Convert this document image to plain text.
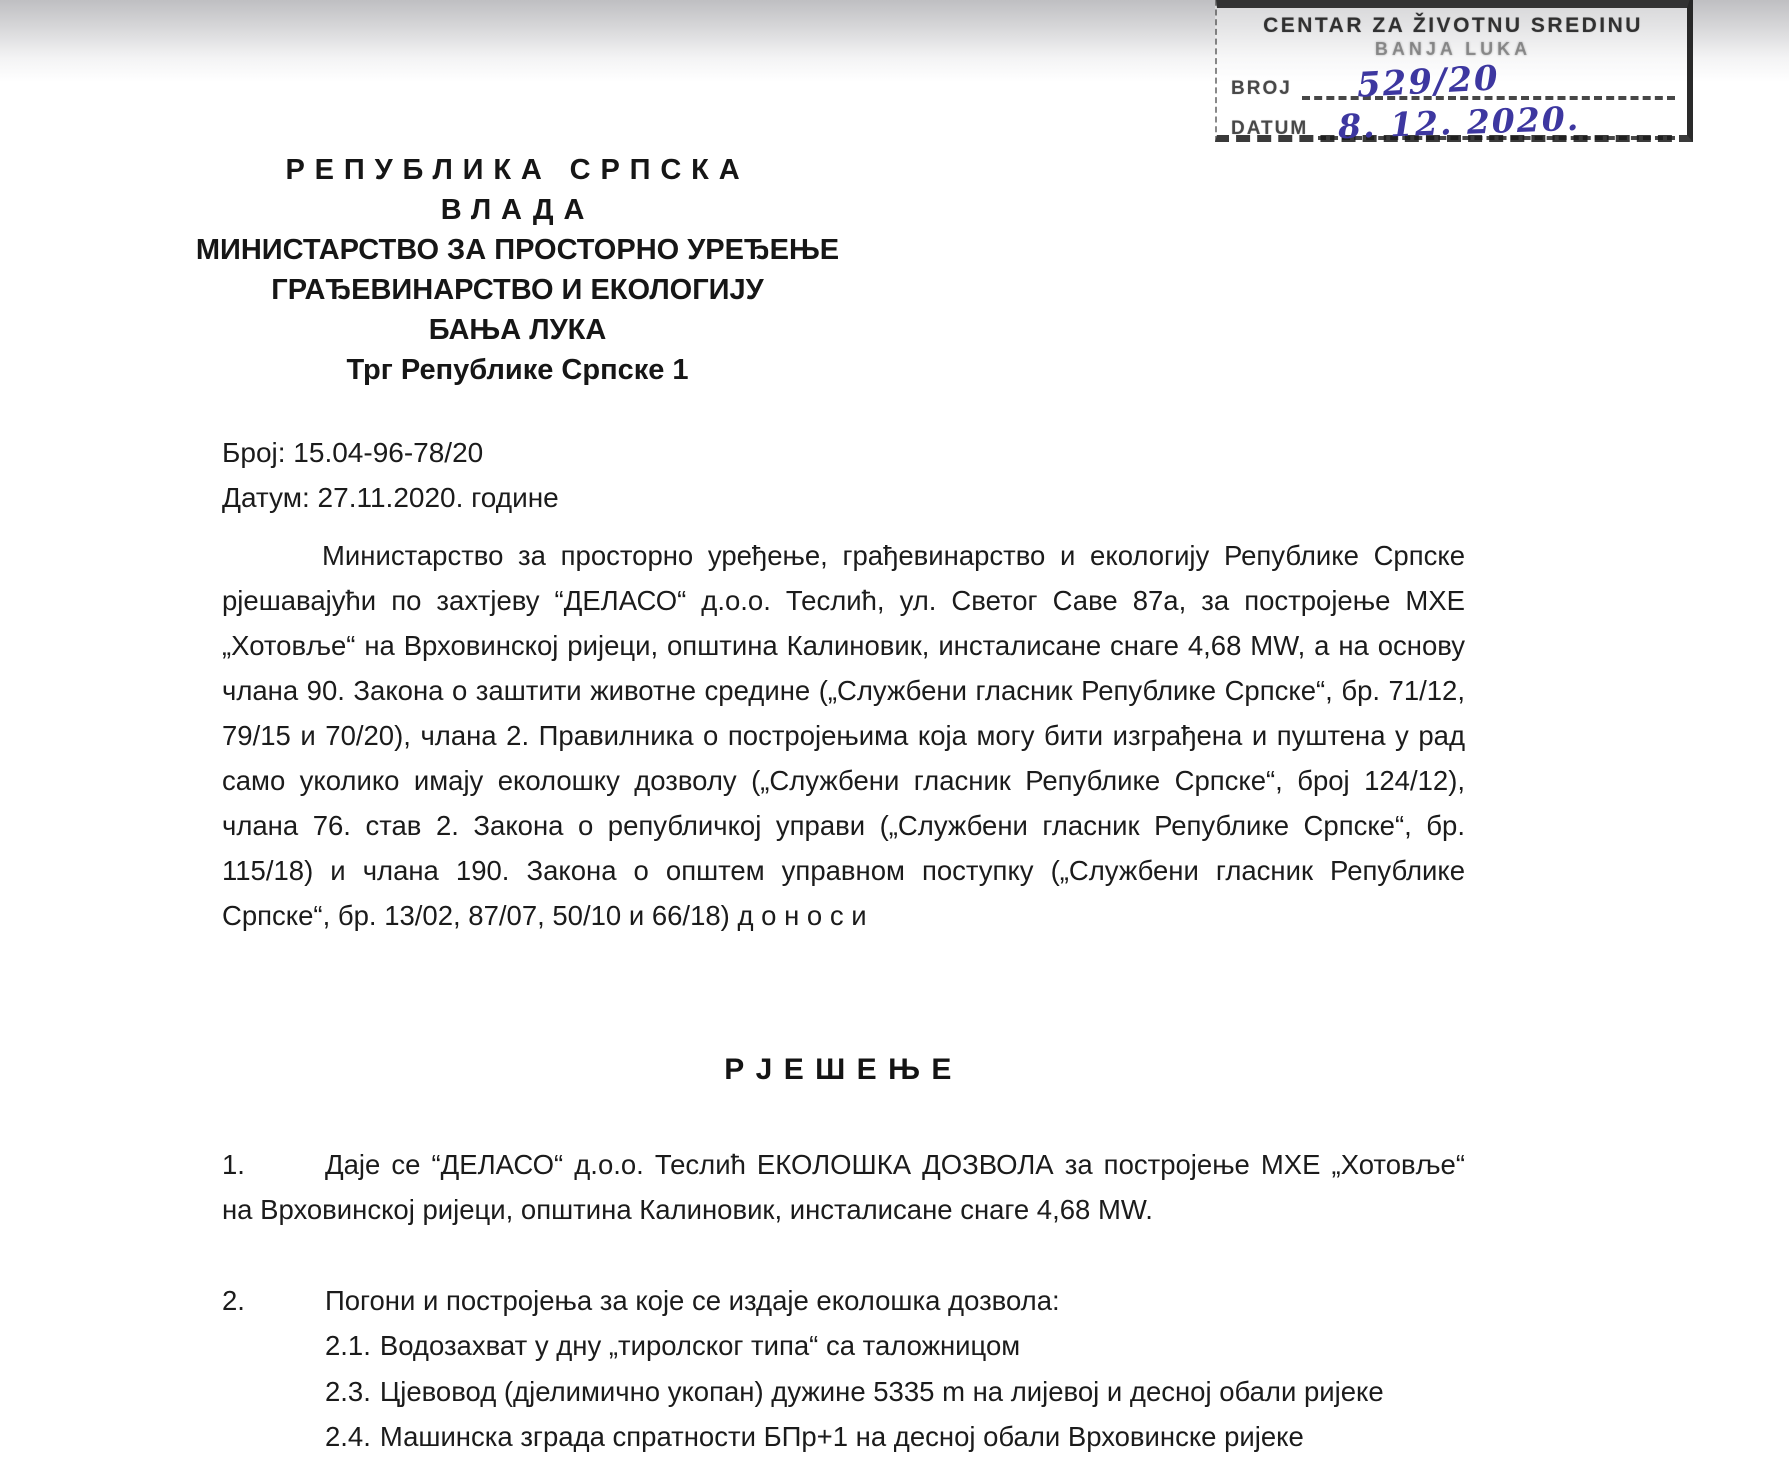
CENTAR ZA ŽIVOTNU SREDINU
BANJA LUKA
BROJ 529/20
DATUM 8. 12. 2020.
РЕПУБЛИКА СРПСКА
ВЛАДА
МИНИСТАРСТВО ЗА ПРОСТОРНО УРЕЂЕЊЕ
ГРАЂЕВИНАРСТВО И ЕКОЛОГИЈУ
БАЊА ЛУКА
Трг Републике Српске 1
Број: 15.04-96-78/20
Датум: 27.11.2020. године
Министарство за просторно уређење, грађевинарство и екологију Републике Српске рјешавајући по захтјеву “ДЕЛАСО“ д.о.о. Теслић, ул. Светог Саве 87а, за постројење МХЕ „Хотовље“ на Врховинској ријеци, општина Калиновик, инсталисане снаге 4,68 MW, а на основу члана 90. Закона о заштити животне средине („Службени гласник Републике Српске“, бр. 71/12, 79/15 и 70/20), члана 2. Правилника о постројењима која могу бити изграђена и пуштена у рад само уколико имају еколошку дозволу („Службени гласник Републике Српске“, број 124/12), члана 76. став 2. Закона о републичкој управи („Службени гласник Републике Српске“, бр. 115/18) и члана 190. Закона о општем управном поступку („Службени гласник Републике Српске“, бр. 13/02, 87/07, 50/10 и 66/18) д о н о с и
РЈЕШЕЊЕ
1.	Даје се “ДЕЛАСО“ д.о.о. Теслић ЕКОЛОШКА ДОЗВОЛА за постројење МХЕ „Хотовље“ на Врховинској ријеци, општина Калиновик, инсталисане снаге 4,68 MW.
2.	Погони и постројења за које се издаје еколошка дозвола:
2.1. Водозахват у дну „тиролског типа“ са таложницом
2.3. Цјевовод (дјелимично укопан) дужине 5335 m на лијевој и десној обали ријеке
2.4. Машинска зграда спратности БПр+1 на десној обали Врховинске ријеке
